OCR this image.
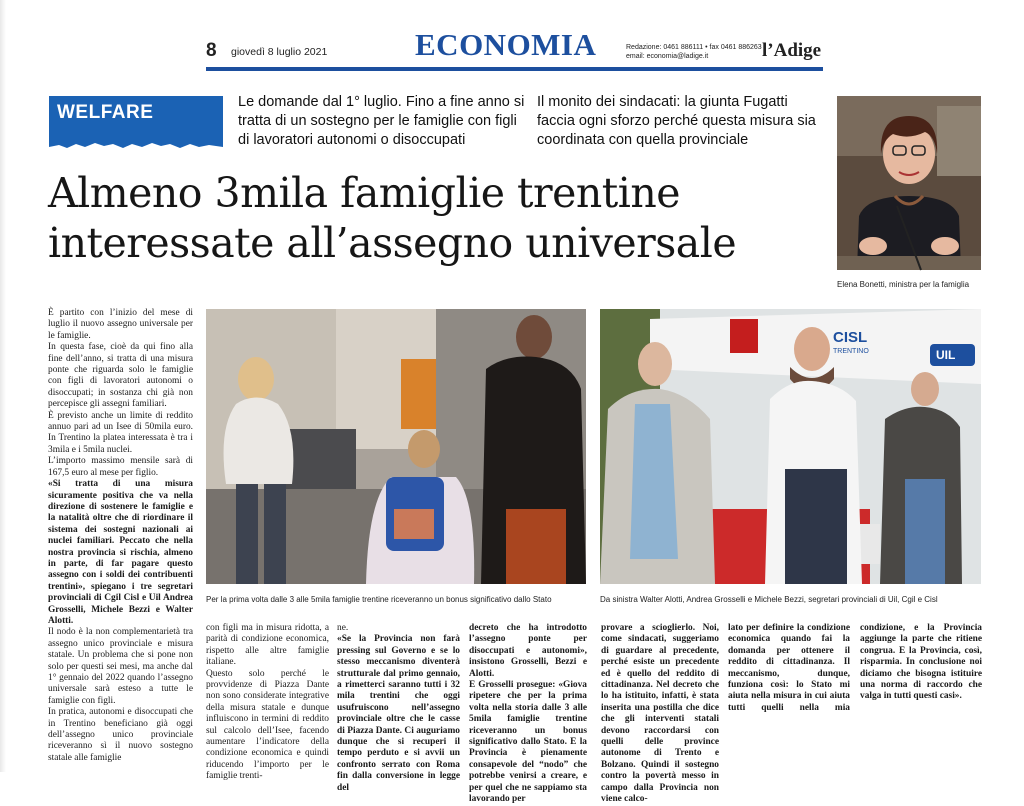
8 giovedì 8 luglio 2021	ECONOMIA	Redazione: 0461 886111 • fax 0461 886263
email: economia@ladige.it	l’Adige
WELFARE	Le domande dal 1° luglio. Fino a fine anno si tratta di un sostegno per le famiglie con figli di lavoratori autonomi o disoccupati
Il monito dei sindacati: la giunta Fugatti faccia ogni sforzo perché questa misura sia coordinata con quella provinciale
Almeno 3mila famiglie trentine
interessate all’assegno universale
Elena Bonetti, ministra per la famiglia
Per la prima volta dalle 3 alle 5mila famiglie trentine riceveranno un bonus significativo dallo Stato
CISL
TRENTINO	UIL
Da sinistra Walter Alotti, Andrea Grosselli e Michele Bezzi, segretari provinciali di Uil, Cgil e Cisl

È partito con l’inizio del mese di luglio il nuovo assegno universale per le famiglie.

In questa fase, cioè da qui fino alla fine dell’anno, si tratta di una misura ponte che riguarda solo le famiglie con figli di lavoratori autonomi o disoccupati; in sostanza chi già non percepisce gli assegni familiari.

È previsto anche un limite di reddito annuo pari ad un Isee di 50mila euro. In Trentino la platea interessata è tra i 3mila e i 5mila nuclei.

L’importo massimo mensile sarà di 167,5 euro al mese per figlio.

«Si tratta di una misura sicuramente positiva che va nella direzione di sostenere le famiglie e la natalità oltre che di riordinare il sistema dei sostegni nazionali ai nuclei familiari. Peccato che nella nostra provincia si rischia, almeno in parte, di far pagare questo assegno con i soldi dei contribuenti trentini», spiegano i tre segretari provinciali di Cgil Cisl e Uil Andrea Grosselli, Michele Bezzi e Walter Alotti.

Il nodo è la non complementarietà tra assegno unico provinciale e misura statale. Un problema che si pone non solo per questi sei mesi, ma anche dal 1° gennaio del 2022 quando l’assegno universale sarà esteso a tutte le famiglie con figli.

In pratica, autonomi e disoccupati che in Trentino beneficiano già oggi dell’assegno unico provinciale riceveranno sì il nuovo sostegno statale alle famiglie

con figli ma in misura ridotta, a parità di condizione economica, rispetto alle altre famiglie italiane.

Questo solo perché le provvidenze di Piazza Dante non sono considerate integrative della misura statale e dunque influiscono in termini di reddito sul calcolo dell’Isee, facendo aumentare l’indicatore della condizione economica e quindi riducendo l’importo per le famiglie trenti-

ne.

«Se la Provincia non farà pressing sul Governo e se lo stesso meccanismo diventerà strutturale dal primo gennaio, a rimetterci saranno tutti i 32 mila trentini che oggi usufruiscono nell’assegno provinciale oltre che le casse di Piazza Dante. Ci auguriamo dunque che si recuperi il tempo perduto e si avvii un confronto serrato con Roma fin dalla conversione in legge del

decreto che ha introdotto l’assegno ponte per disoccupati e autonomi», insistono Grosselli, Bezzi e Alotti.

E Grosselli prosegue: «Giova ripetere che per la prima volta nella storia dalle 3 alle 5mila famiglie trentine riceveranno un bonus significativo dallo Stato. E la Provincia è pienamente consapevole del “nodo” che potrebbe venirsi a creare, e per quel che ne sappiamo sta lavorando per

provare a scioglierlo. Noi, come sindacati, suggeriamo di guardare al precedente, perché esiste un precedente ed è quello del reddito di cittadinanza. Nel decreto che lo ha istituito, infatti, è stata inserita una postilla che dice che gli interventi statali devono raccordarsi con quelli delle province autonome di Trento e Bolzano. Quindi il sostegno contro la povertà messo in campo dalla Provincia non viene calco-

lato per definire la condizione economica quando fai la domanda per ottenere il reddito di cittadinanza. Il meccanismo, dunque, funziona così: lo Stato mi aiuta nella misura in cui aiuta tutti quelli nella mia condizione, e la Provincia aggiunge la parte che ritiene congrua. E la Provincia, così, risparmia. In conclusione noi diciamo che bisogna istituire una norma di raccordo che valga in tutti questi casi».
